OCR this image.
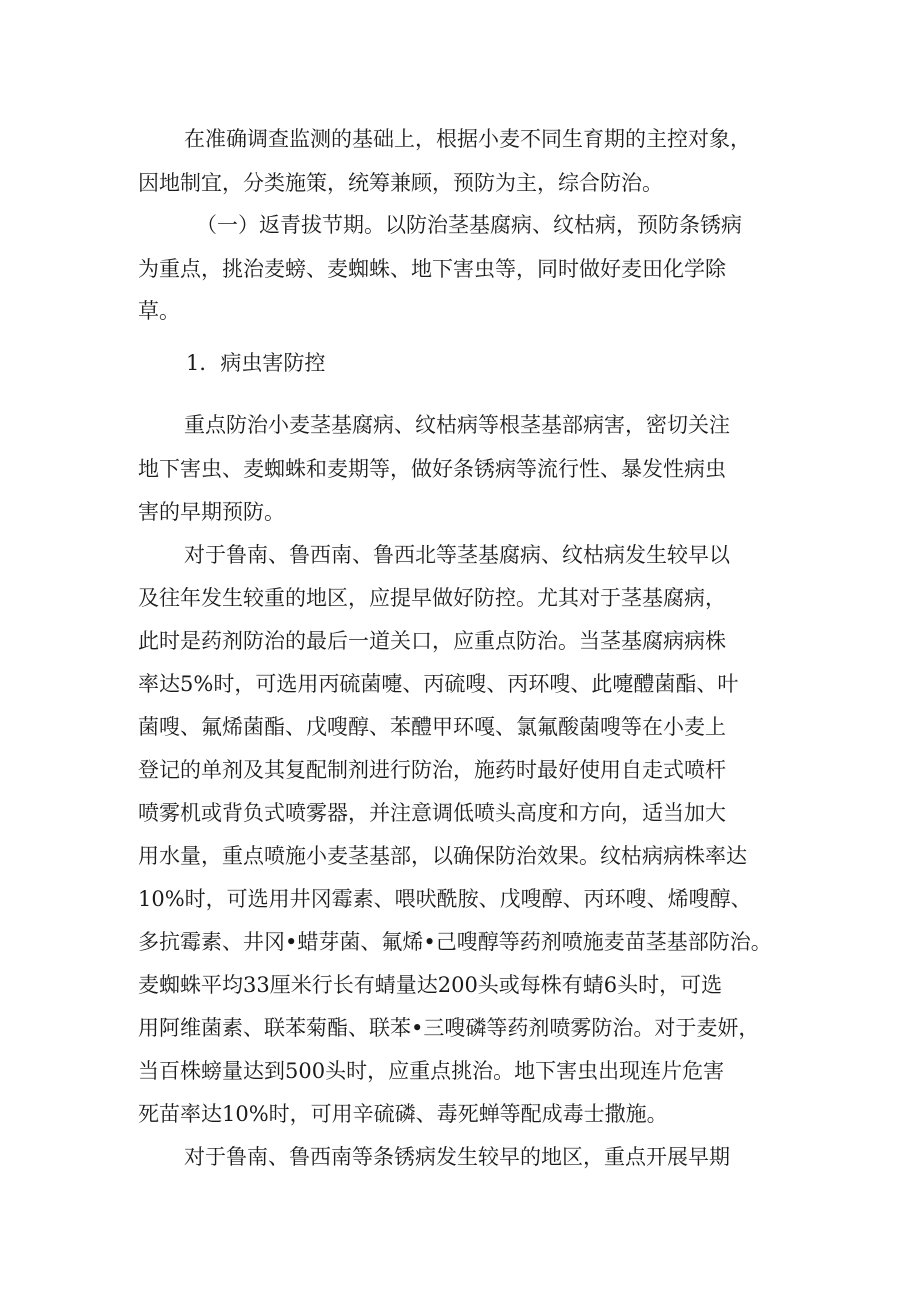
在准确调查监测的基础上，根据小麦不同生育期的主控对象，
因地制宜，分类施策，统筹兼顾，预防为主，综合防治。
（一）返青拔节期。以防治茎基腐病、纹枯病，预防条锈病
为重点，挑治麦螃、麦蜘蛛、地下害虫等，同时做好麦田化学除
草。
1．病虫害防控
重点防治小麦茎基腐病、纹枯病等根茎基部病害，密切关注
地下害虫、麦蜘蛛和麦期等，做好条锈病等流行性、暴发性病虫
害的早期预防。
对于鲁南、鲁西南、鲁西北等茎基腐病、纹枯病发生较早以
及往年发生较重的地区，应提早做好防控。尤其对于茎基腐病，
此时是药剂防治的最后一道关口，应重点防治。当茎基腐病病株
率达5%时，可选用丙硫菌嚏、丙硫嗖、丙环嗖、此嚏醴菌酯、叶
菌嗖、氟烯菌酯、戊嗖醇、苯醴甲环嘎、氯氟酸菌嗖等在小麦上
登记的单剂及其复配制剂进行防治，施药时最好使用自走式喷杆
喷雾机或背负式喷雾器，并注意调低喷头高度和方向，适当加大
用水量，重点喷施小麦茎基部，以确保防治效果。纹枯病病株率达
10%时，可选用井冈霉素、喂吠酰胺、戊嗖醇、丙环嗖、烯嗖醇、
多抗霉素、井冈•蜡芽菌、氟烯•己嗖醇等药剂喷施麦苗茎基部防治。
麦蜘蛛平均33厘米行长有蜻量达200头或每株有蜻6头时，可选
用阿维菌素、联苯菊酯、联苯•三嗖磷等药剂喷雾防治。对于麦妍，
当百株螃量达到500头时，应重点挑治。地下害虫出现连片危害
死苗率达10%时，可用辛硫磷、毒死蝉等配成毒士撒施。
对于鲁南、鲁西南等条锈病发生较早的地区，重点开展早期
